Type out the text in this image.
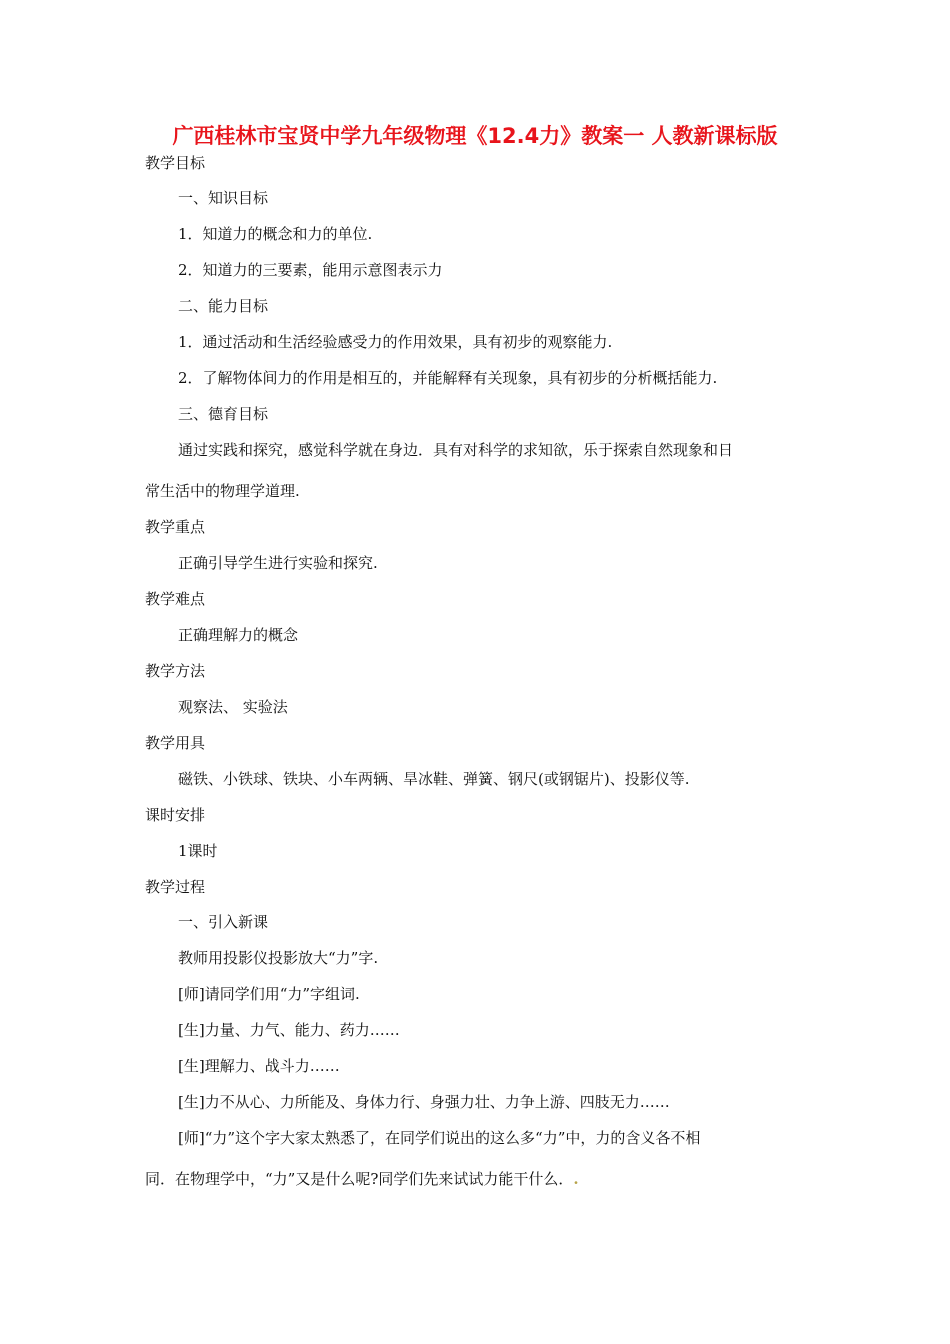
广西桂林市宝贤中学九年级物理《12.4力》教案一 人教新课标版
教学目标
一、知识目标
1．知道力的概念和力的单位.
2．知道力的三要素，能用示意图表示力
二、能力目标
1．通过活动和生活经验感受力的作用效果，具有初步的观察能力.
2．了解物体间力的作用是相互的，并能解释有关现象，具有初步的分析概括能力.
三、德育目标
通过实践和探究，感觉科学就在身边．具有对科学的求知欲，乐于探索自然现象和日
常生活中的物理学道理.
教学重点
正确引导学生进行实验和探究.
教学难点
正确理解力的概念
教学方法
观察法、 实验法
教学用具
磁铁、小铁球、铁块、小车两辆、旱冰鞋、弹簧、钢尺(或钢锯片)、投影仪等.
课时安排
1课时
教学过程
一、引入新课
教师用投影仪投影放大“力”字.
[师]请同学们用“力”字组词.
[生]力量、力气、能力、药力……
[生]理解力、战斗力……
[生]力不从心、力所能及、身体力行、身强力壮、力争上游、四肢无力……
[师]“力”这个字大家太熟悉了，在同学们说出的这么多“力”中，力的含义各不相
同．在物理学中，“力”又是什么呢?同学们先来试试力能干什么．.
